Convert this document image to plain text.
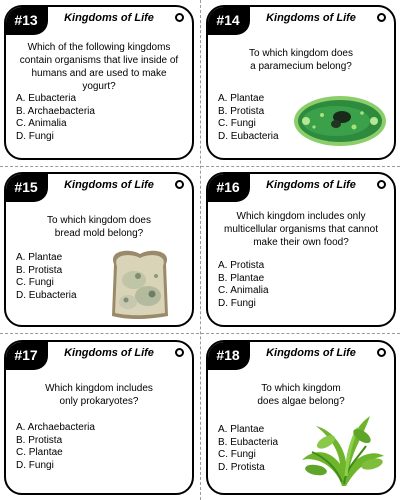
#13	Kingdoms of Life
Which of the following kingdoms
contain organisms that live inside of
humans and are used to make yogurt?
A. Eubacteria
B. Archaebacteria
C. Animalia
D. Fungi
#14	Kingdoms of Life
To which kingdom does
a paramecium belong?
A. Plantae
B. Protista
C. Fungi
D. Eubacteria
#15	Kingdoms of Life
To which kingdom does
bread mold belong?
A. Plantae
B. Protista
C. Fungi
D. Eubacteria
#16	Kingdoms of Life
Which kingdom includes only
multicellular organisms that cannot
make their own food?
A. Protista
B. Plantae
C. Animalia
D. Fungi
#17	Kingdoms of Life
Which kingdom includes
only prokaryotes?
A. Archaebacteria
B. Protista
C. Plantae
D. Fungi
#18	Kingdoms of Life
To which kingdom
does algae belong?
A. Plantae
B. Eubacteria
C. Fungi
D. Protista
